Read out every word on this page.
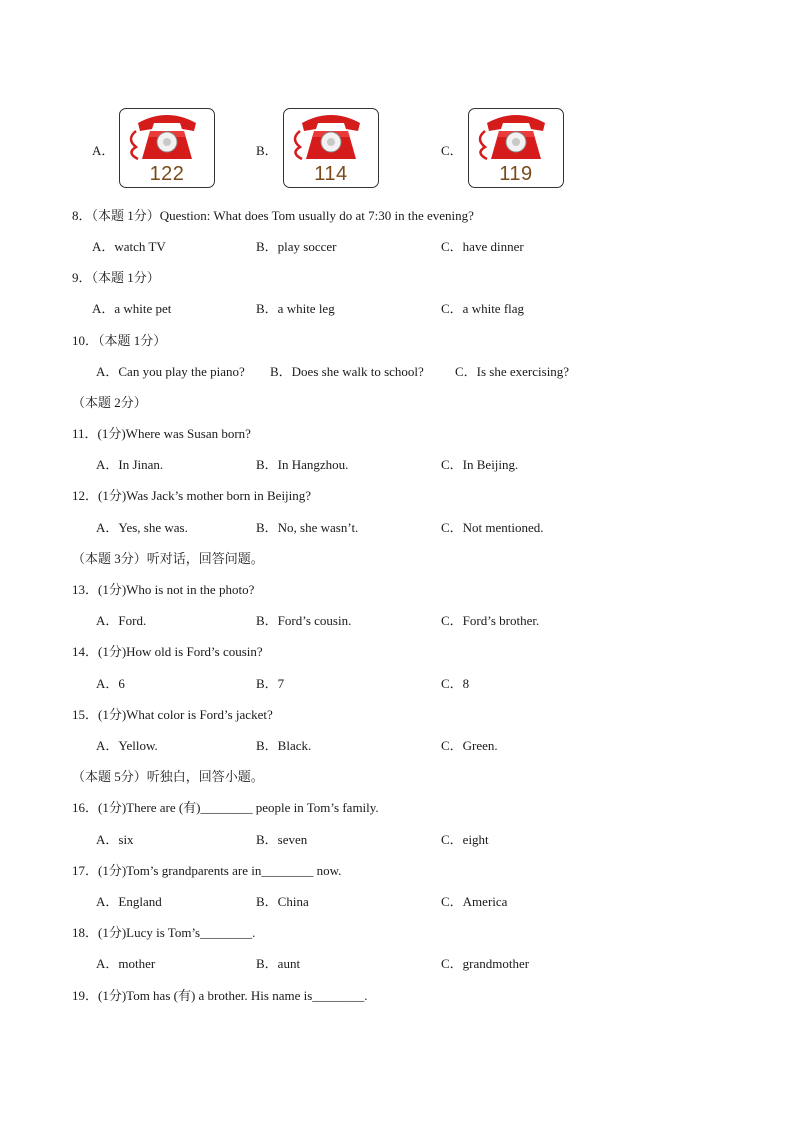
A．
122
B．
114
C．
119
8．（本题 1分）Question: What does Tom usually do at 7:30 in the evening?
A．watch TV	B．play soccer	C．have dinner
9．（本题 1分）
A．a white pet	B．a white leg	C．a white flag
10．（本题 1分）
A．Can you play the piano? B．Does she walk to school? C．Is she exercising?
（本题 2分）
11．(1分)Where was Susan born?
A．In Jinan.	B．In Hangzhou.	C．In Beijing.
12．(1分)Was Jack’s mother born in Beijing?
A．Yes, she was.	B．No, she wasn’t.	C．Not mentioned.
（本题 3分）听对话，回答问题。
13．(1分)Who is not in the photo?
A．Ford.	B．Ford’s cousin.	C．Ford’s brother.
14．(1分)How old is Ford’s cousin?
A．6	B．7	C．8
15．(1分)What color is Ford’s jacket?
A．Yellow.	B．Black.	C．Green.
（本题 5分）听独白，回答小题。
16．(1分)There are (有)________ people in Tom’s family.
A．six	B．seven	C．eight
17．(1分)Tom’s grandparents are in________ now.
A．England	B．China	C．America
18．(1分)Lucy is Tom’s________.
A．mother	B．aunt	C．grandmother
19．(1分)Tom has (有) a brother. His name is________.
